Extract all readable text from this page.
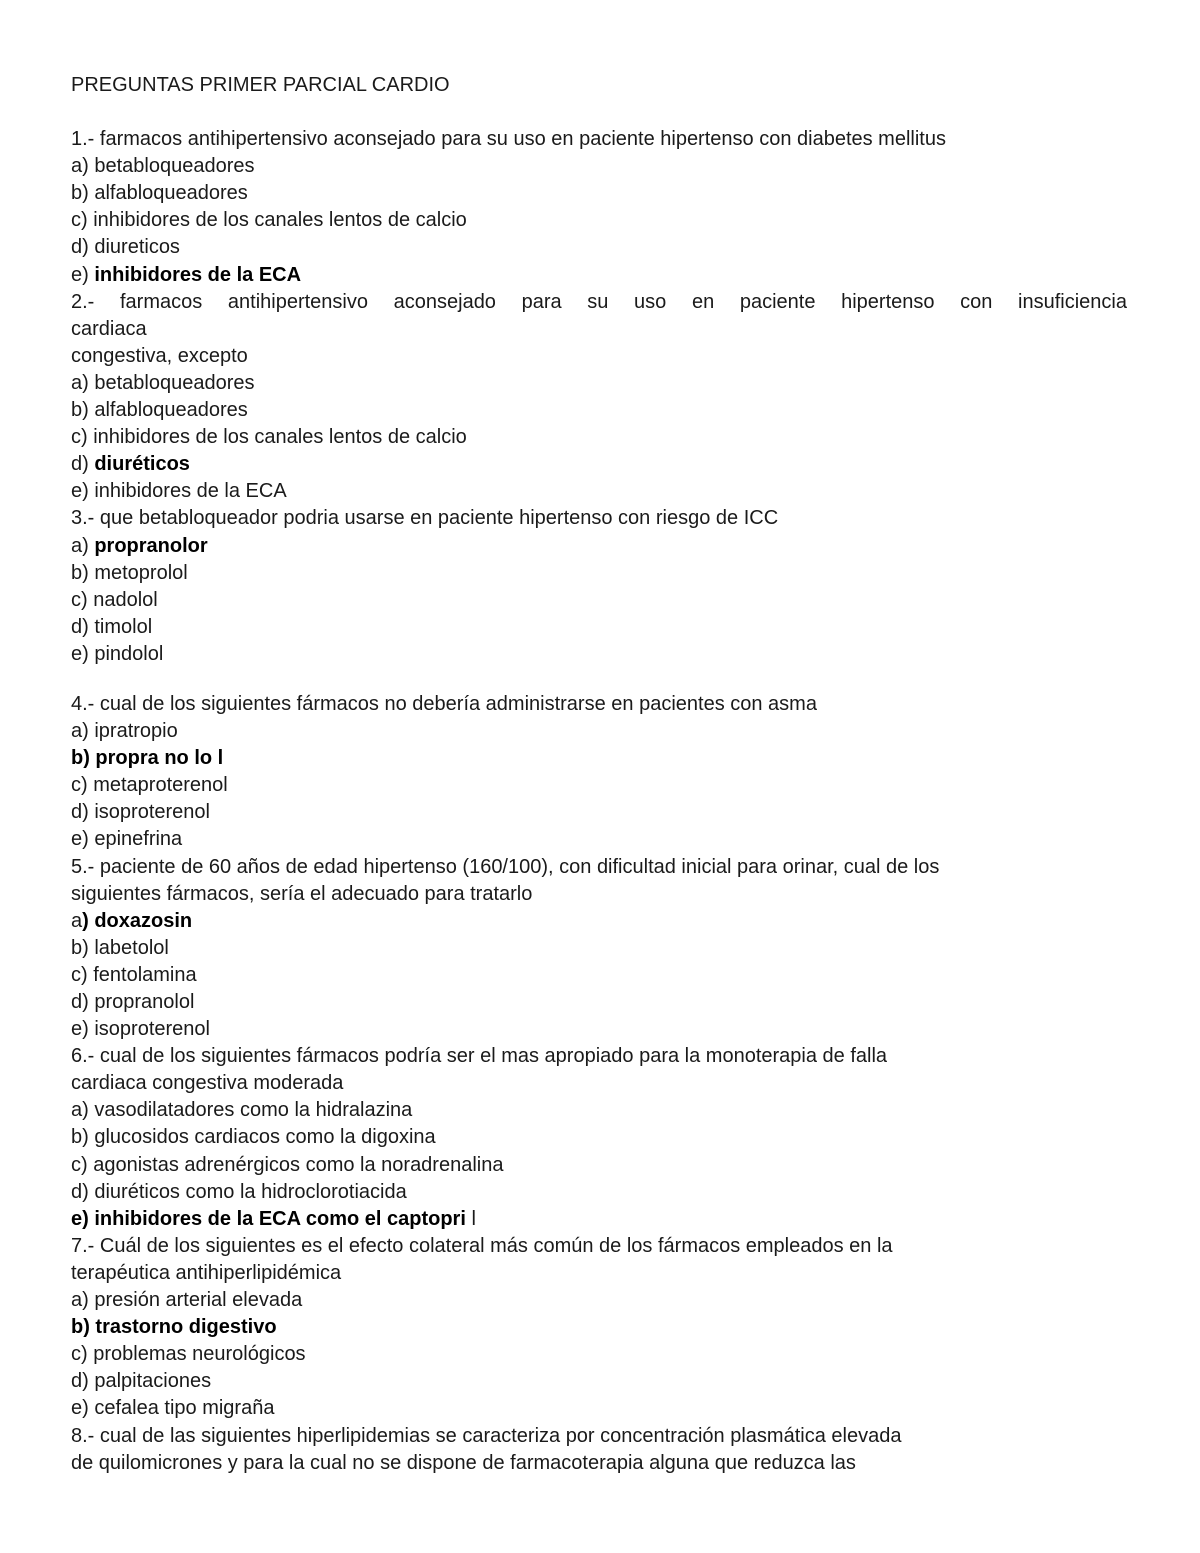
PREGUNTAS PRIMER PARCIAL CARDIO
1.- farmacos antihipertensivo aconsejado para su uso en paciente hipertenso con diabetes mellitus
a) betabloqueadores
b) alfabloqueadores
c) inhibidores de los canales lentos de calcio
d) diureticos
e) inhibidores de la ECA
2.- farmacos antihipertensivo aconsejado para su uso en paciente hipertenso con insuficiencia
cardiaca
congestiva, excepto
a) betabloqueadores
b) alfabloqueadores
c) inhibidores de los canales lentos de calcio
d) diuréticos
e) inhibidores de la ECA
3.- que betabloqueador podria usarse en paciente hipertenso con riesgo de ICC
a) propranolor
b) metoprolol
c) nadolol
d) timolol
e) pindolol
4.- cual de los siguientes fármacos no debería administrarse en pacientes con asma
a) ipratropio
b) propra no lo l
c) metaproterenol
d) isoproterenol
e) epinefrina
5.- paciente de 60 años de edad hipertenso (160/100), con dificultad inicial para orinar, cual de los
siguientes fármacos, sería el adecuado para tratarlo
a) doxazosin
b) labetolol
c) fentolamina
d) propranolol
e) isoproterenol
6.- cual de los siguientes fármacos podría ser el mas apropiado para la monoterapia de falla
cardiaca congestiva moderada
a) vasodilatadores como la hidralazina
b) glucosidos cardiacos como la digoxina
c) agonistas adrenérgicos como la noradrenalina
d) diuréticos como la hidroclorotiacida
e) inhibidores de la ECA como el captopri l
7.- Cuál de los siguientes es el efecto colateral más común de los fármacos empleados en la
terapéutica antihiperlipidémica
a) presión arterial elevada
b) trastorno digestivo
c) problemas neurológicos
d) palpitaciones
e) cefalea tipo migraña
8.- cual de las siguientes hiperlipidemias se caracteriza por concentración plasmática elevada
de quilomicrones y para la cual no se dispone de farmacoterapia alguna que reduzca las
